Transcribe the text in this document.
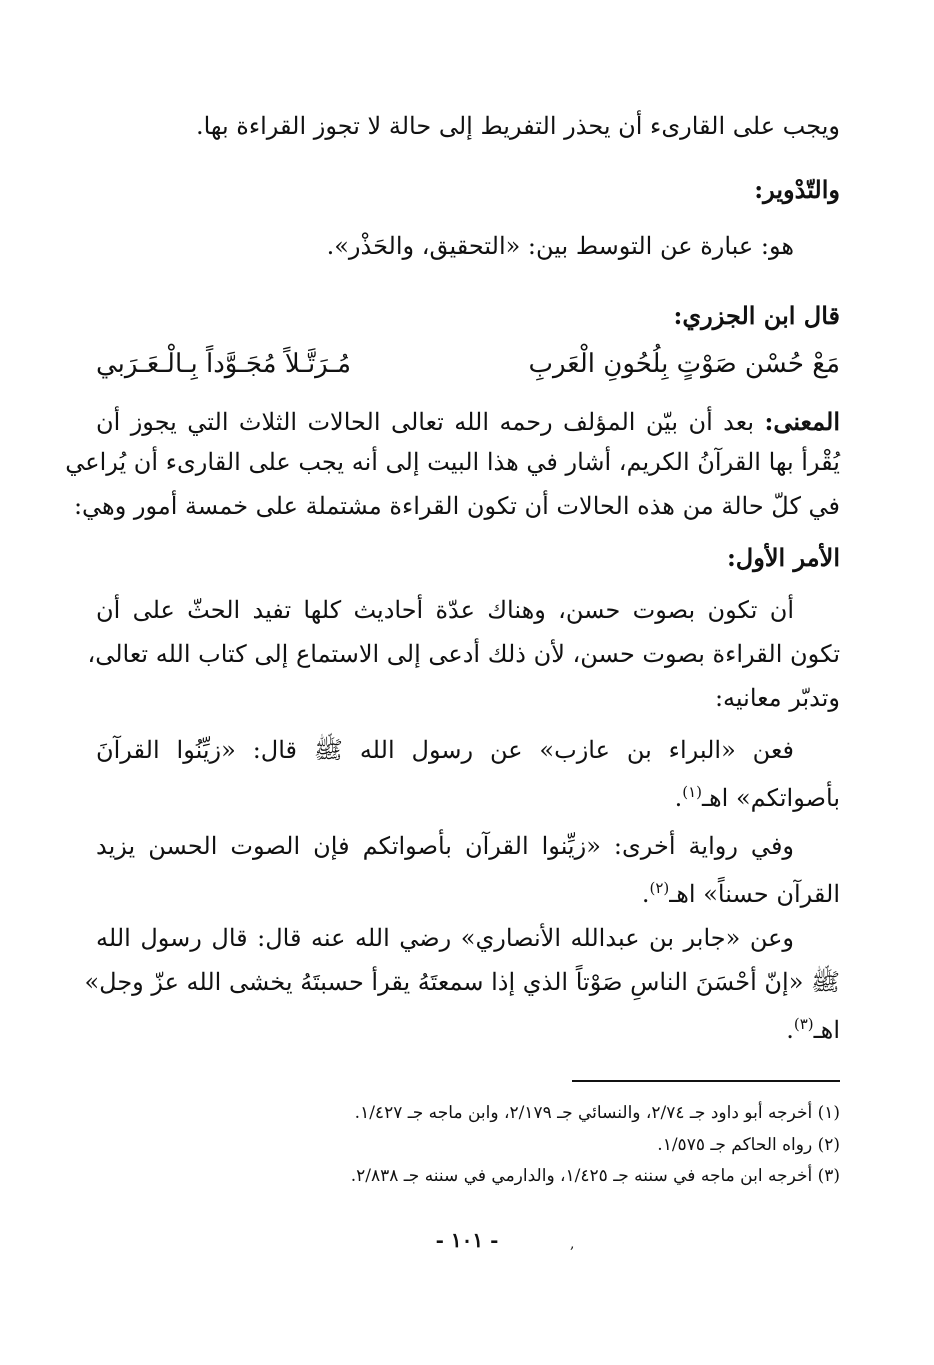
ويجب على القارىء أن يحذر التفريط إلى حالة لا تجوز القراءة بها.
والتّدْوير:
هو: عبارة عن التوسط بين: «التحقيق، والحَذْر».
قال ابن الجزري:
مَعْ حُسْن صَوْتٍ بِلُحُونِ الْعَربِ
مُـرَتَّـلاً مُجَـوَّداً بِـالْـعَـرَبي
المعنى: بعد أن بيّن المؤلف رحمه الله تعالى الحالات الثلاث التي يجوز أن
يُقْرأ بها القرآنُ الكريم، أشار في هذا البيت إلى أنه يجب على القارىء أن يُراعي
في كلّ حالة من هذه الحالات أن تكون القراءة مشتملة على خمسة أمور وهي:
الأمر الأول:
أن تكون بصوت حسن، وهناك عدّة أحاديث كلها تفيد الحثّ على أن
تكون القراءة بصوت حسن، لأن ذلك أدعى إلى الاستماع إلى كتاب الله تعالى،
وتدبّر معانيه:
فعن «البراء بن عازب» عن رسول الله ﷺ قال: «زيِّنُوا القرآنَ
بأصواتكم» اهـ$^{(١)}$.
وفي رواية أخرى: «زيِّنوا القرآن بأصواتكم فإن الصوت الحسن يزيد
القرآن حسناً» اهـ$^{(٢)}$.
وعن «جابر بن عبدالله الأنصاري» رضي الله عنه قال: قال رسول الله
ﷺ «إنّ أحْسَنَ الناسِ صَوْتاً الذي إذا سمعتَهُ يقرأ حسبتَهُ يخشى الله عزّ وجل»
اهـ$^{(٣)}$.
(١) أخرجه أبو داود جـ ٢/٧٤، والنسائي جـ ٢/١٧٩، وابن ماجه جـ ١/٤٢٧.
(٢) رواه الحاكم جـ ١/٥٧٥.
(٣) أخرجه ابن ماجه في سننه جـ ١/٤٢٥، والدارمي في سننه جـ ٢/٨٣٨.
- ١٠١ -	,
